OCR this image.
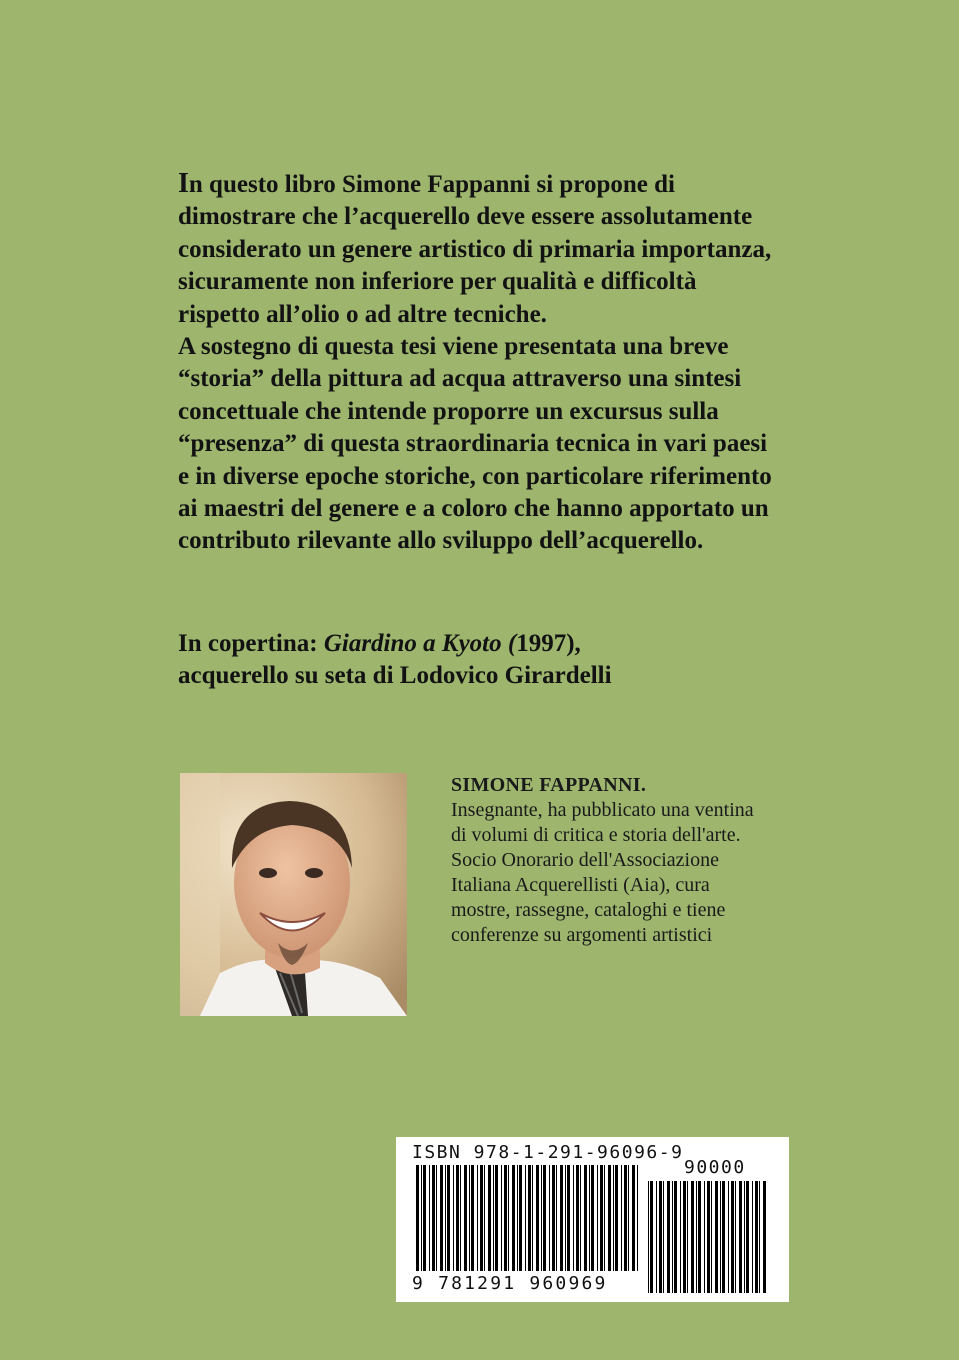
In questo libro Simone Fappanni si propone di dimostrare che l’acquerello deve essere assolutamente considerato un genere artistico di primaria importanza, sicuramente non inferiore per qualità e difficoltà rispetto all’olio o ad altre tecniche.

A sostegno di questa tesi viene presentata una breve “storia” della pittura ad acqua attraverso una sintesi concettuale che intende proporre un excursus sulla “presenza” di questa straordinaria tecnica in vari paesi e in diverse epoche storiche, con particolare riferimento ai maestri del genere e a coloro che hanno apportato un contributo rilevante allo sviluppo dell’acquerello.

In copertina: Giardino a Kyoto (1997),
acquerello su seta di Lodovico Girardelli
SIMONE FAPPANNI.
Insegnante, ha pubblicato una ventina di volumi di critica e storia dell'arte. Socio Onorario dell'Associazione Italiana Acquerellisti (Aia), cura mostre, rassegne, cataloghi e tiene conferenze su argomenti artistici
ISBN 978-1-291-96096-9
90000
9 781291 960969
